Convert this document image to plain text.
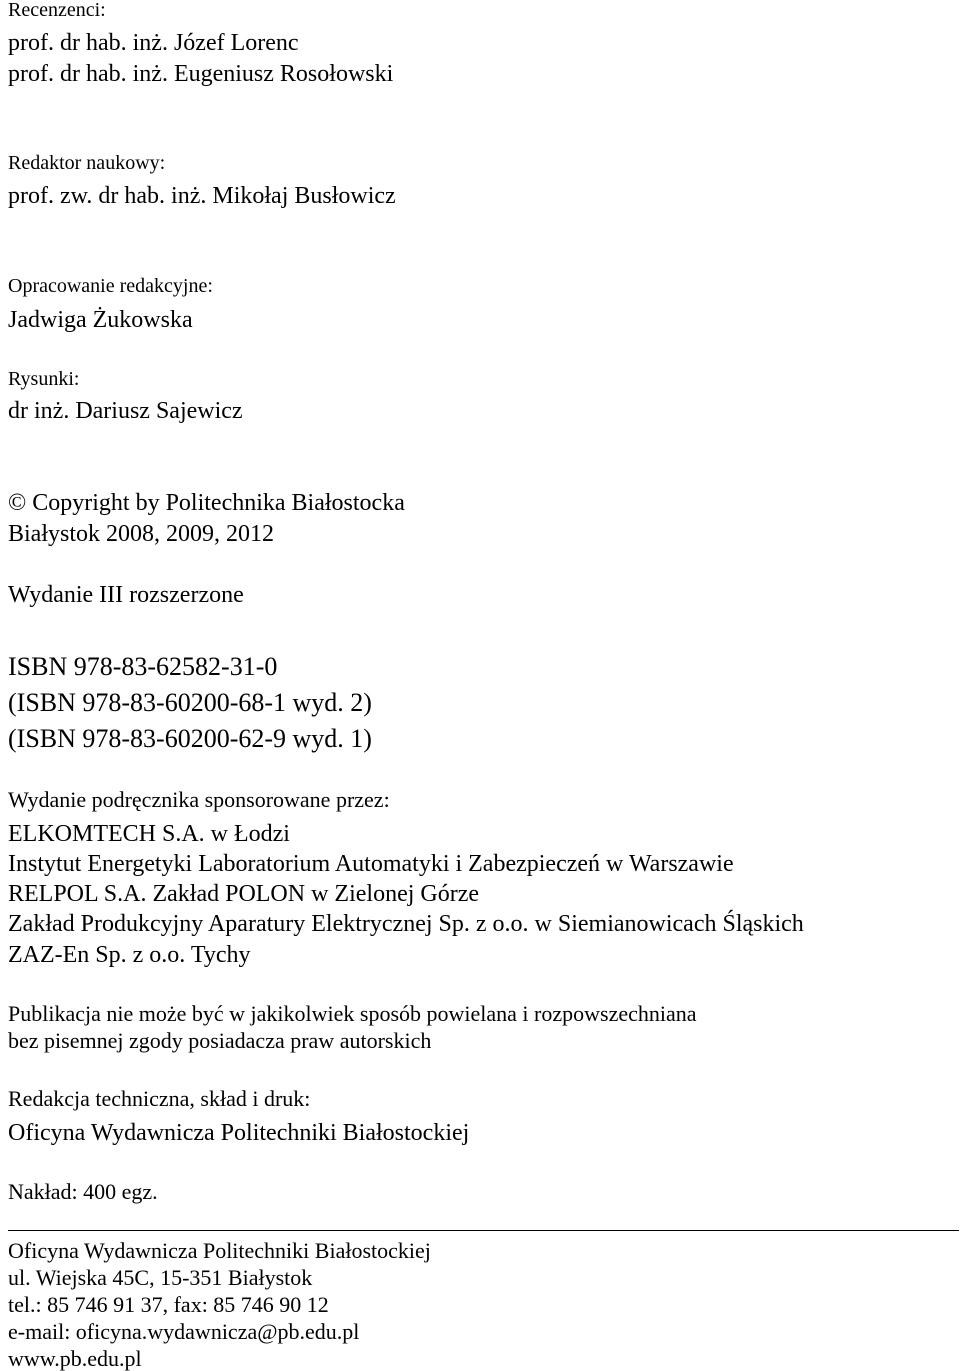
Recenzenci:
prof. dr hab. inż. Józef Lorenc
prof. dr hab. inż. Eugeniusz Rosołowski
Redaktor naukowy:
prof. zw. dr hab. inż. Mikołaj Busłowicz
Opracowanie redakcyjne:
Jadwiga Żukowska
Rysunki:
dr inż. Dariusz Sajewicz
© Copyright by Politechnika Białostocka
Białystok 2008, 2009, 2012
Wydanie III rozszerzone
ISBN 978-83-62582-31-0
(ISBN 978-83-60200-68-1 wyd. 2)
(ISBN 978-83-60200-62-9 wyd. 1)
Wydanie podręcznika sponsorowane przez:
ELKOMTECH S.A. w Łodzi
Instytut Energetyki Laboratorium Automatyki i Zabezpieczeń w Warszawie
RELPOL S.A. Zakład POLON w Zielonej Górze
Zakład Produkcyjny Aparatury Elektrycznej Sp. z o.o. w Siemianowicach Śląskich
ZAZ-En Sp. z o.o. Tychy
Publikacja nie może być w jakikolwiek sposób powielana i rozpowszechniana
bez pisemnej zgody posiadacza praw autorskich
Redakcja techniczna, skład i druk:
Oficyna Wydawnicza Politechniki Białostockiej
Nakład: 400 egz.
Oficyna Wydawnicza Politechniki Białostockiej
ul. Wiejska 45C, 15-351 Białystok
tel.: 85 746 91 37, fax: 85 746 90 12
e-mail: oficyna.wydawnicza@pb.edu.pl
www.pb.edu.pl
